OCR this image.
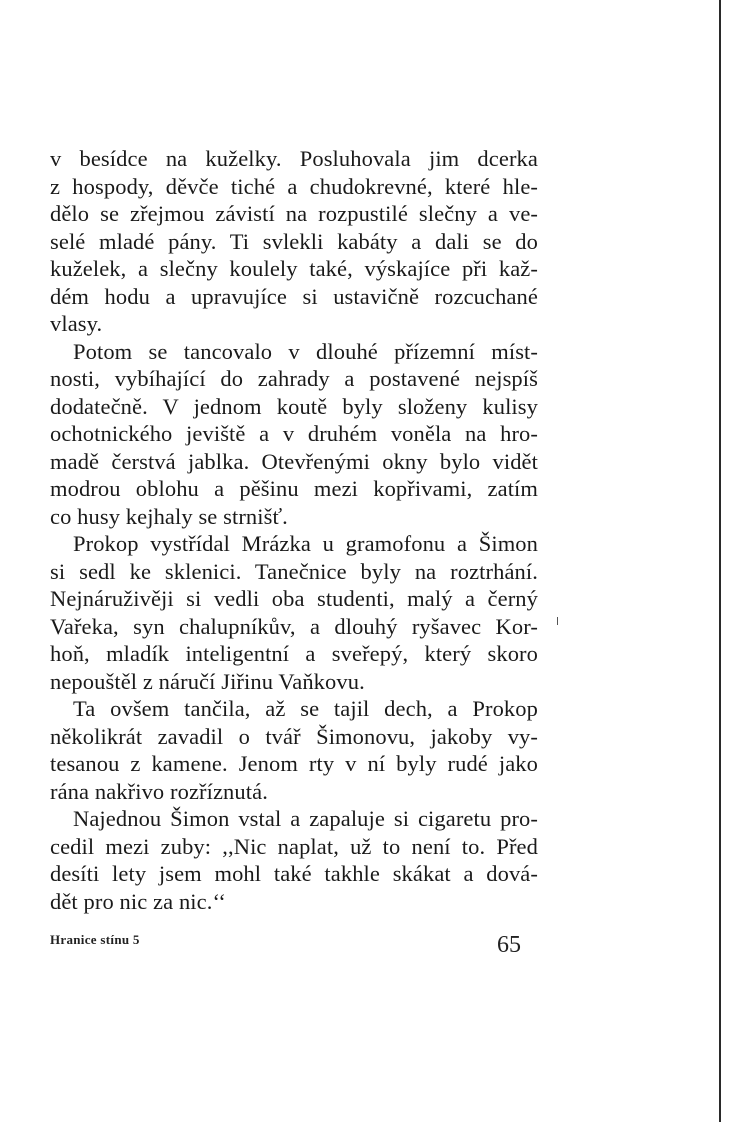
v besídce na kuželky. Posluhovala jim dcerka
z hospody, děvče tiché a chudokrevné, které hle-
dělo se zřejmou závistí na rozpustilé slečny a ve-
selé mladé pány. Ti svlekli kabáty a dali se do
kuželek, a slečny koulely také, výskajíce při kaž-
dém hodu a upravujíce si ustavičně rozcuchané
vlasy.
Potom se tancovalo v dlouhé přízemní míst-
nosti, vybíhající do zahrady a postavené nejspíš
dodatečně. V jednom koutě byly složeny kulisy
ochotnického jeviště a v druhém voněla na hro-
madě čerstvá jablka. Otevřenými okny bylo vidět
modrou oblohu a pěšinu mezi kopřivami, zatím
co husy kejhaly se strnišť.
Prokop vystřídal Mrázka u gramofonu a Šimon
si sedl ke sklenici. Tanečnice byly na roztrhání.
Nejnáruživěji si vedli oba studenti, malý a černý
Vařeka, syn chalupníkův, a dlouhý ryšavec Kor-
hoň, mladík inteligentní a sveřepý, který skoro
nepouštěl z náručí Jiřinu Vaňkovu.
Ta ovšem tančila, až se tajil dech, a Prokop
několikrát zavadil o tvář Šimonovu, jakoby vy-
tesanou z kamene. Jenom rty v ní byly rudé jako
rána nakřivo rozříznutá.
Najednou Šimon vstal a zapaluje si cigaretu pro-
cedil mezi zuby: ,,Nic naplat, už to není to. Před
desíti lety jsem mohl také takhle skákat a dová-
dět pro nic za nic.‘‘
Hranice stínu 5	65
